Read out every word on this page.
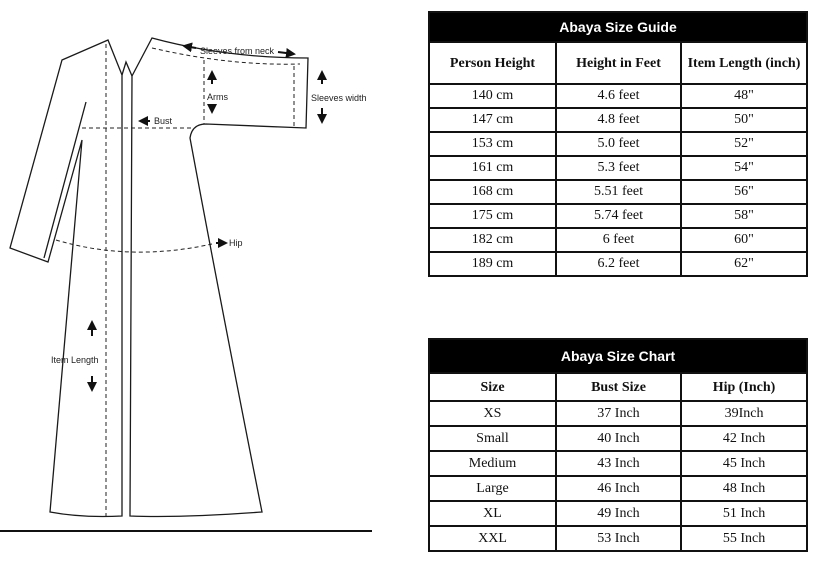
Sleeves from neck
Sleeves width
Arms
Bust
Hip
Item Length
Abaya Size Guide		
Person Height	Height in Feet	Item Length (inch)
140 cm	4.6 feet	48"
147 cm	4.8 feet	50"
153 cm	5.0 feet	52"
161 cm	5.3 feet	54"
168 cm	5.51 feet	56"
175 cm	5.74 feet	58"
182 cm	6 feet	60"
189 cm	6.2 feet	62"
Abaya Size Chart		
Size	Bust Size	Hip (Inch)
XS	37 Inch	39Inch
Small	40 Inch	42 Inch
Medium	43 Inch	45 Inch
Large	46 Inch	48 Inch
XL	49 Inch	51 Inch
XXL	53 Inch	55 Inch
